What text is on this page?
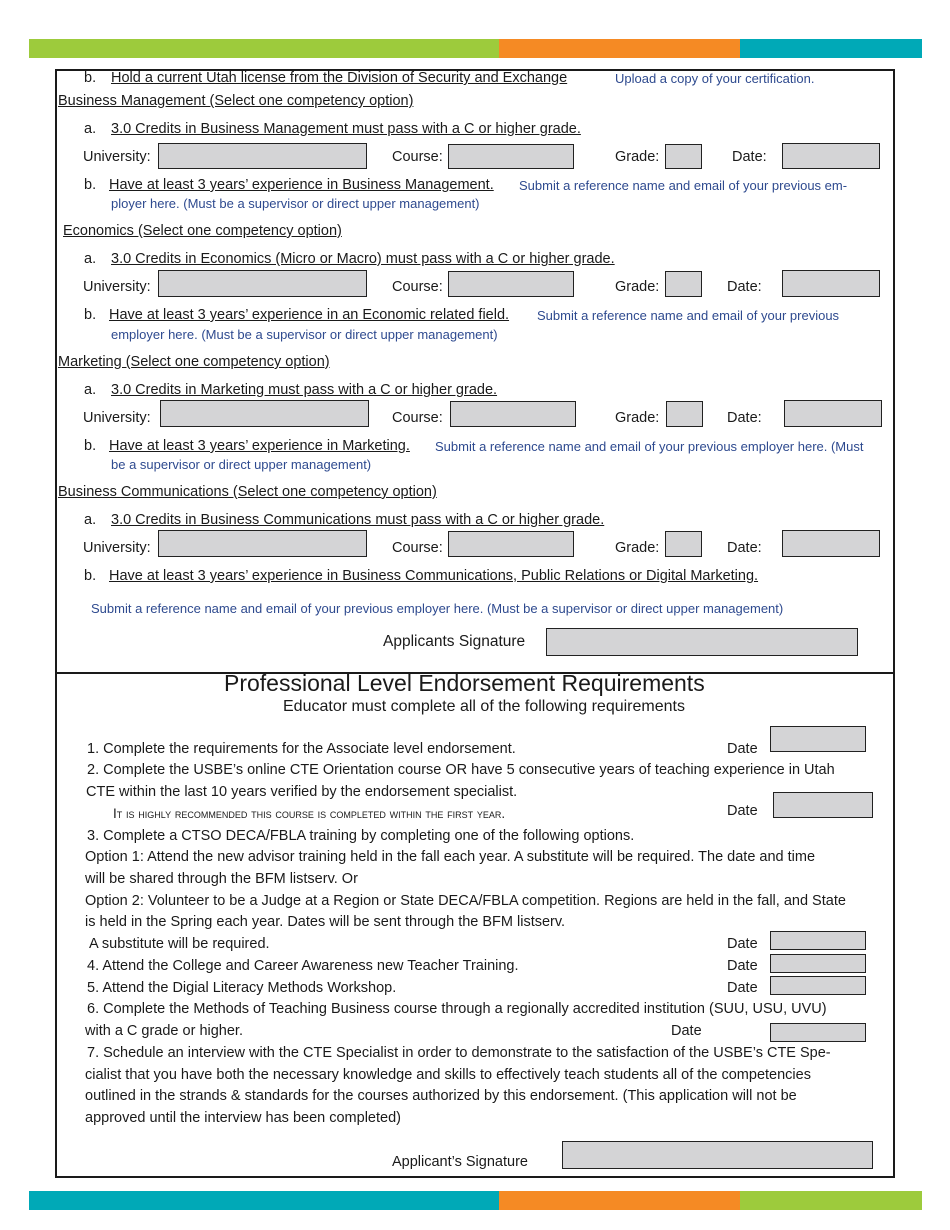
b. Hold a current Utah license from the Division of Security and Exchange	Upload a copy of your certification.
Business Management (Select one competency option)
a. 3.0 Credits in Business Management must pass with a C or higher grade.
University:	Course:	Grade:	Date:
b. Have at least 3 years’ experience in Business Management. Submit a reference name and email of your previous em-
ployer here. (Must be a supervisor or direct upper management)
Economics (Select one competency option)
a. 3.0 Credits in Economics (Micro or Macro) must pass with a C or higher grade.
University:	Course:	Grade:	Date:
b. Have at least 3 years’ experience in an Economic related field. Submit a reference name and email of your previous
employer here. (Must be a supervisor or direct upper management)
Marketing (Select one competency option)
a. 3.0 Credits in Marketing must pass with a C or higher grade.
University:	Course:	Grade:	Date:
b. Have at least 3 years’ experience in Marketing. Submit a reference name and email of your previous employer here. (Must
be a supervisor or direct upper management)
Business Communications (Select one competency option)
a. 3.0 Credits in Business Communications must pass with a C or higher grade.
University:	Course:	Grade:	Date:
b. Have at least 3 years’ experience in Business Communications, Public Relations or Digital Marketing.
Submit a reference name and email of your previous employer here. (Must be a supervisor or direct upper management)
Applicants Signature
Professional Level Endorsement Requirements
Educator must complete all of the following requirements
1. Complete the requirements for the Associate level endorsement.	Date
2. Complete the USBE’s online CTE Orientation course OR have 5 consecutive years of teaching experience in Utah
CTE within the last 10 years verified by the endorsement specialist.
It is highly recommended this course is completed within the first year.	Date
3. Complete a CTSO DECA/FBLA training by completing one of the following options.
Option 1: Attend the new advisor training held in the fall each year. A substitute will be required. The date and time
will be shared through the BFM listserv. Or
Option 2: Volunteer to be a Judge at a Region or State DECA/FBLA competition. Regions are held in the fall, and State
is held in the Spring each year. Dates will be sent through the BFM listserv.
A substitute will be required.	Date
4. Attend the College and Career Awareness new Teacher Training.	Date
5. Attend the Digial Literacy Methods Workshop.	Date
6. Complete the Methods of Teaching Business course through a regionally accredited institution (SUU, USU, UVU)
with a C grade or higher.	Date
7. Schedule an interview with the CTE Specialist in order to demonstrate to the satisfaction of the USBE’s CTE Spe-
cialist that you have both the necessary knowledge and skills to effectively teach students all of the competencies
outlined in the strands & standards for the courses authorized by this endorsement. (This application will not be
approved until the interview has been completed)
Applicant’s Signature
